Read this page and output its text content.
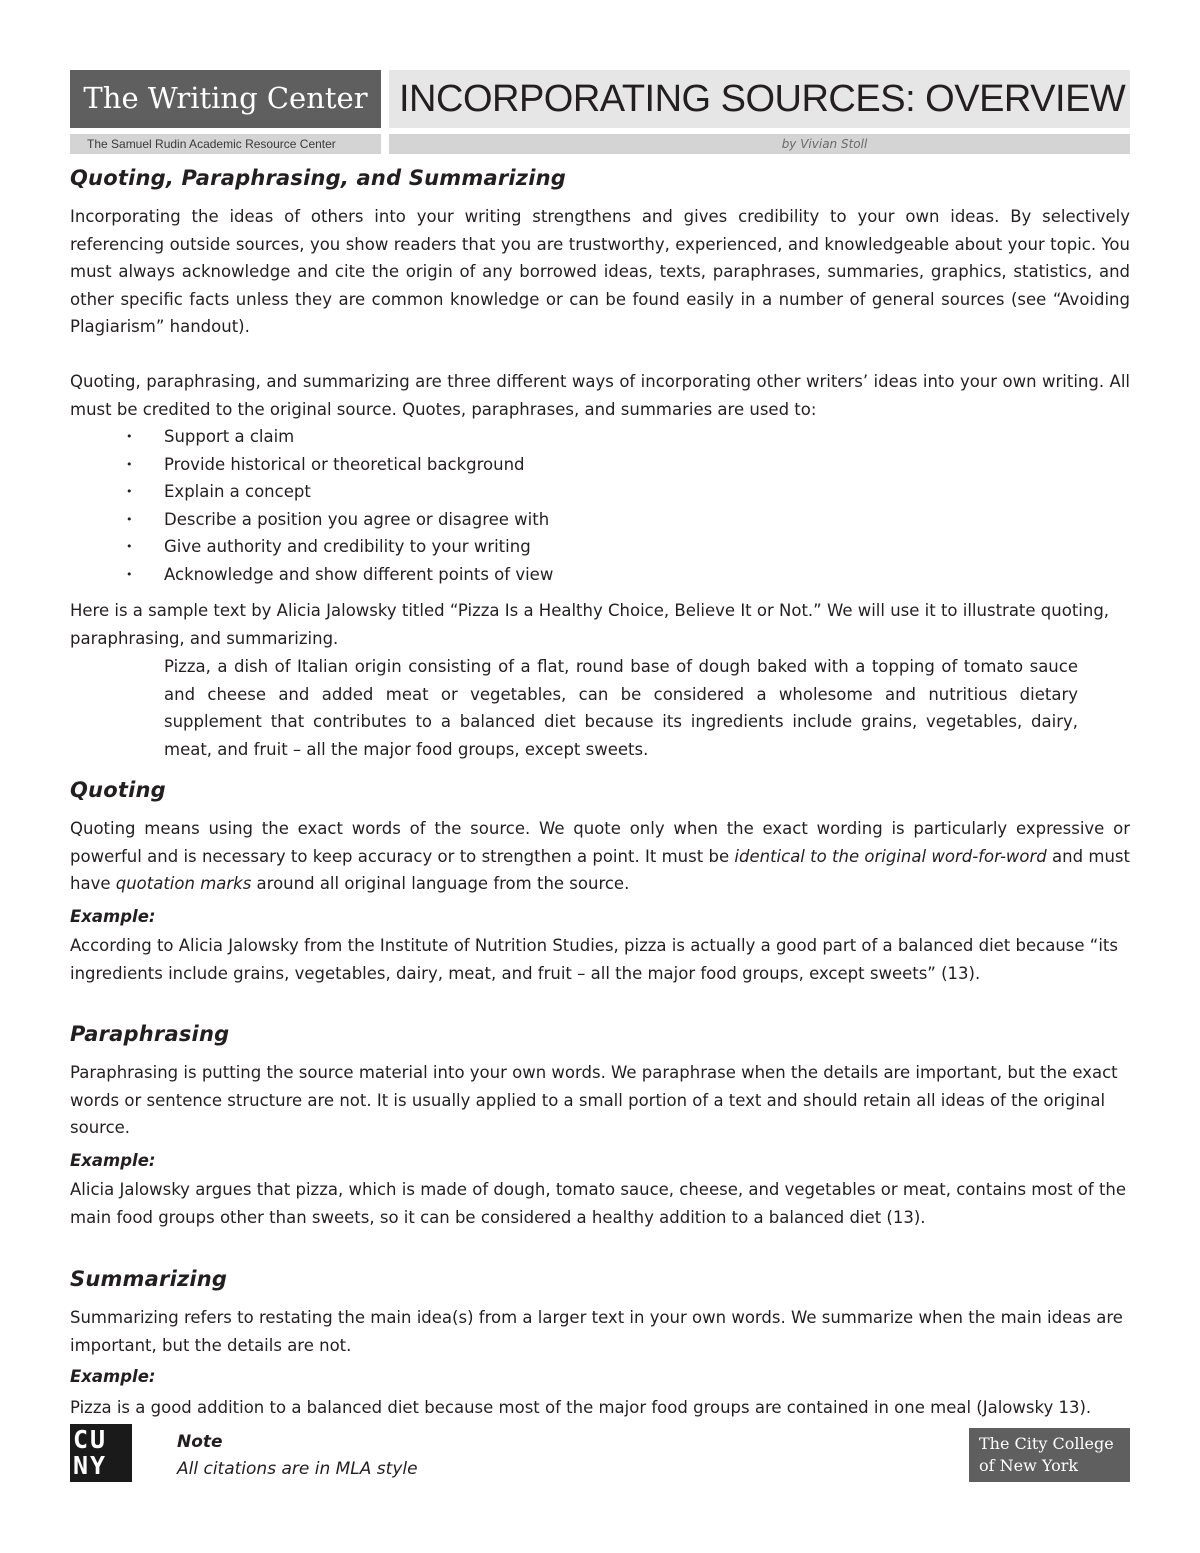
The Writing Center
The Samuel Rudin Academic Resource Center
INCORPORATING SOURCES: OVERVIEW
by Vivian Stoll
Quoting, Paraphrasing, and Summarizing

Incorporating the ideas of others into your writing strengthens and gives credibility to your own ideas. By selectively referencing outside sources, you show readers that you are trustworthy, experienced, and knowledgeable about your topic. You must always acknowledge and cite the origin of any borrowed ideas, texts, paraphrases, summaries, graphics, statistics, and other specific facts unless they are common knowledge or can be found easily in a number of general sources (see “Avoiding Plagiarism” handout).

Quoting, paraphrasing, and summarizing are three different ways of incorporating other writers’ ideas into your own writing. All must be credited to the original source. Quotes, paraphrases, and summaries are used to:

• Support a claim
• Provide historical or theoretical background
• Explain a concept
• Describe a position you agree or disagree with
• Give authority and credibility to your writing
• Acknowledge and show different points of view

Here is a sample text by Alicia Jalowsky titled “Pizza Is a Healthy Choice, Believe It or Not.” We will use it to illustrate quoting, paraphrasing, and summarizing.

Pizza, a dish of Italian origin consisting of a flat, round base of dough baked with a topping of tomato sauce and cheese and added meat or vegetables, can be considered a wholesome and nutritious dietary supplement that contributes to a balanced diet because its ingredients include grains, vegetables, dairy, meat, and fruit – all the major food groups, except sweets.

Quoting

Quoting means using the exact words of the source. We quote only when the exact wording is particularly expressive or powerful and is necessary to keep accuracy or to strengthen a point. It must be identical to the original word-for-word and must have quotation marks around all original language from the source.

Example:

According to Alicia Jalowsky from the Institute of Nutrition Studies, pizza is actually a good part of a balanced diet because “its ingredients include grains, vegetables, dairy, meat, and fruit – all the major food groups, except sweets” (13).

Paraphrasing

Paraphrasing is putting the source material into your own words. We paraphrase when the details are important, but the exact words or sentence structure are not. It is usually applied to a small portion of a text and should retain all ideas of the original source.

Example:

Alicia Jalowsky argues that pizza, which is made of dough, tomato sauce, cheese, and vegetables or meat, contains most of the main food groups other than sweets, so it can be considered a healthy addition to a balanced diet (13).

Summarizing

Summarizing refers to restating the main idea(s) from a larger text in your own words. We summarize when the main ideas are important, but the details are not.

Example:

Pizza is a good addition to a balanced diet because most of the major food groups are contained in one meal (Jalowsky 13).

CU
NY

Note

All citations are in MLA style

The City College
of New York
